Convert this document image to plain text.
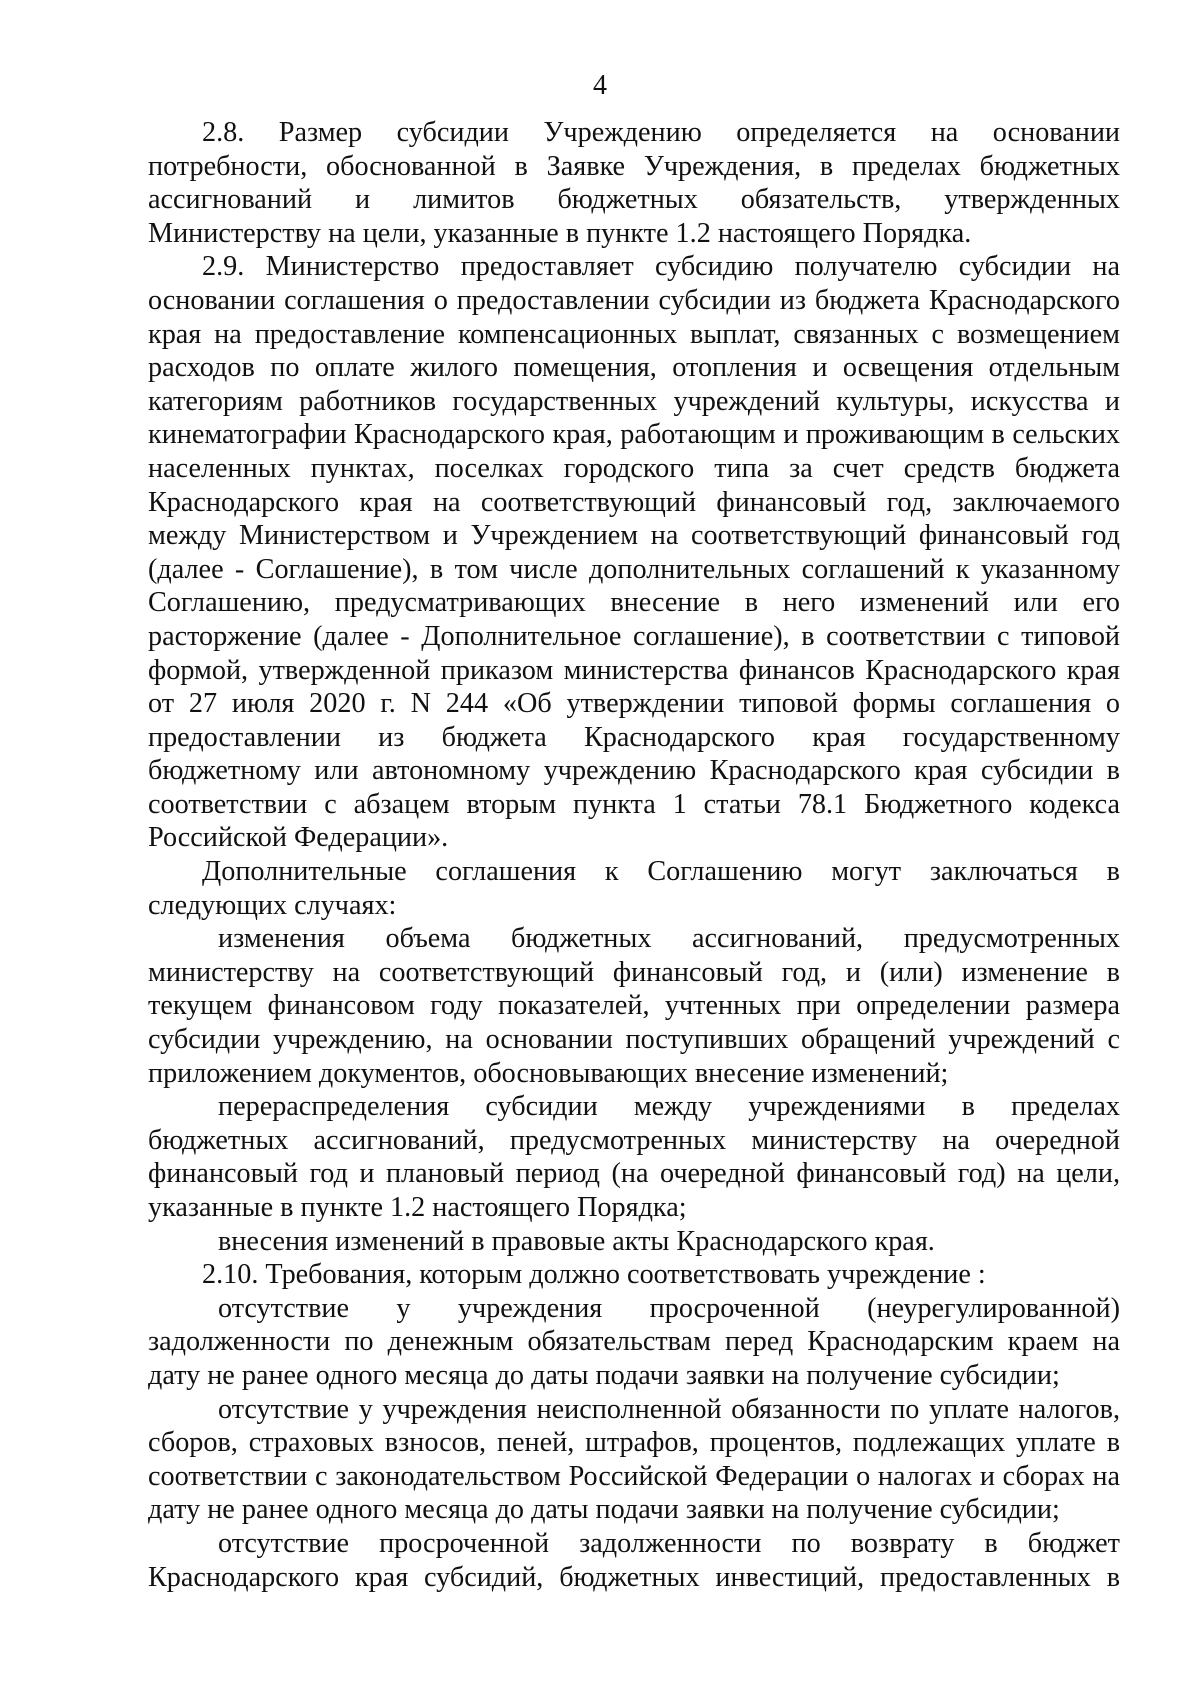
4

2.8. Размер субсидии Учреждению определяется на основании потребности, обоснованной в Заявке Учреждения, в пределах бюджетных ассигнований и лимитов бюджетных обязательств, утвержденных Министерству на цели, указанные в пункте 1.2 настоящего Порядка.

2.9. Министерство предоставляет субсидию получателю субсидии на основании соглашения о предоставлении субсидии из бюджета Краснодарского края на предоставление компенсационных выплат, связанных с возмещением расходов по оплате жилого помещения, отопления и освещения отдельным категориям работников государственных учреждений культуры, искусства и кинематографии Краснодарского края, работающим и проживающим в сельских населенных пунктах, поселках городского типа за счет средств бюджета Краснодарского края на соответствующий финансовый год, заключаемого между Министерством и Учреждением на соответствующий финансовый год (далее - Соглашение), в том числе дополнительных соглашений к указанному Соглашению, предусматривающих внесение в него изменений или его расторжение (далее - Дополнительное соглашение), в соответствии с типовой формой, утвержденной приказом министерства финансов Краснодарского края от 27 июля 2020 г. N 244 «Об утверждении типовой формы соглашения о предоставлении из бюджета Краснодарского края государственному бюджетному или автономному учреждению Краснодарского края субсидии в соответствии с абзацем вторым пункта 1 статьи 78.1 Бюджетного кодекса Российской Федерации».

Дополнительные соглашения к Соглашению могут заключаться в следующих случаях:

изменения объема бюджетных ассигнований, предусмотренных министерству на соответствующий финансовый год, и (или) изменение в текущем финансовом году показателей, учтенных при определении размера субсидии учреждению, на основании поступивших обращений учреждений с приложением документов, обосновывающих внесение изменений;

перераспределения субсидии между учреждениями в пределах бюджетных ассигнований, предусмотренных министерству на очередной финансовый год и плановый период (на очередной финансовый год) на цели, указанные в пункте 1.2 настоящего Порядка;

внесения изменений в правовые акты Краснодарского края.

2.10. Требования, которым должно соответствовать учреждение :

отсутствие у учреждения просроченной (неурегулированной) задолженности по денежным обязательствам перед Краснодарским краем на дату не ранее одного месяца до даты подачи заявки на получение субсидии;

отсутствие у учреждения неисполненной обязанности по уплате налогов, сборов, страховых взносов, пеней, штрафов, процентов, подлежащих уплате в соответствии с законодательством Российской Федерации о налогах и сборах на дату не ранее одного месяца до даты подачи заявки на получение субсидии;

отсутствие просроченной задолженности по возврату в бюджет Краснодарского края субсидий, бюджетных инвестиций, предоставленных в
